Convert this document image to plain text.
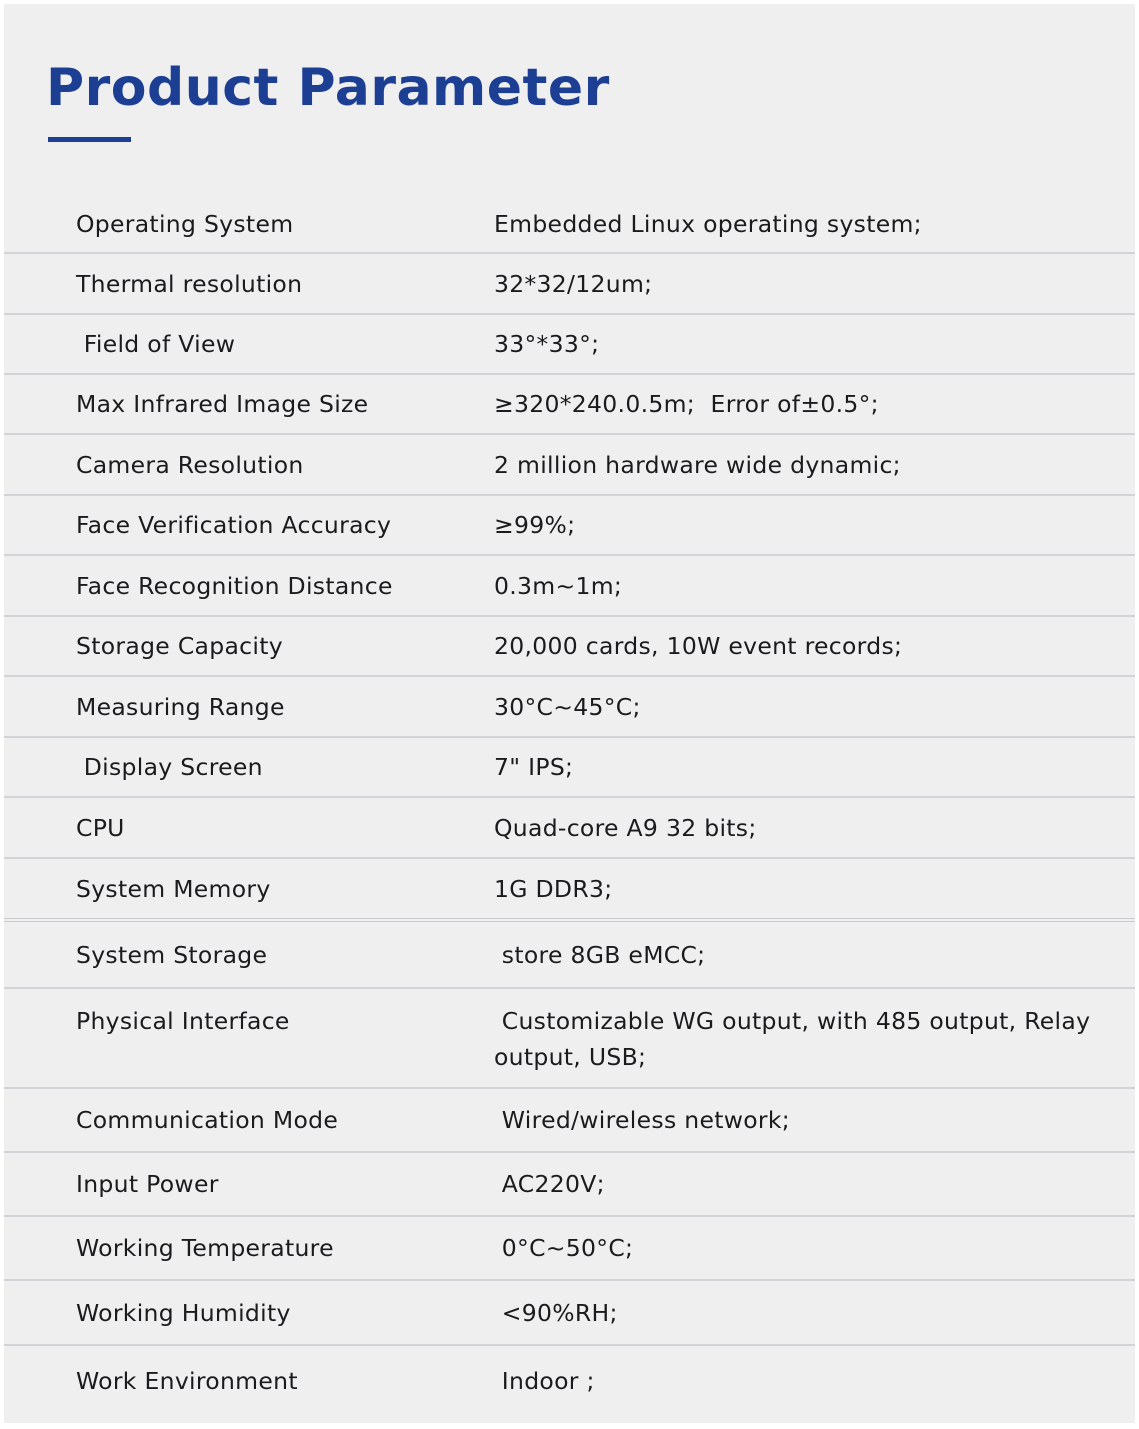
Product Parameter
Operating System	Embedded Linux operating system;
Thermal resolution	32*32/12um;
Field of View	33°*33°;
Max Infrared Image Size	≥320*240.0.5m;  Error of±0.5°;
Camera Resolution	2 million hardware wide dynamic;
Face Verification Accuracy	≥99%;
Face Recognition Distance	0.3m~1m;
Storage Capacity	20,000 cards, 10W event records;
Measuring Range	30°C~45°C;
Display Screen	7" IPS;
CPU	Quad-core A9 32 bits;
System Memory	1G DDR3;
System Storage	store 8GB eMCC;
Physical Interface	Customizable WG output, with 485 output, Relay output, USB;
Communication Mode	Wired/wireless network;
Input Power	AC220V;
Working Temperature	0°C~50°C;
Working Humidity	<90%RH;
Work Environment	Indoor ;
